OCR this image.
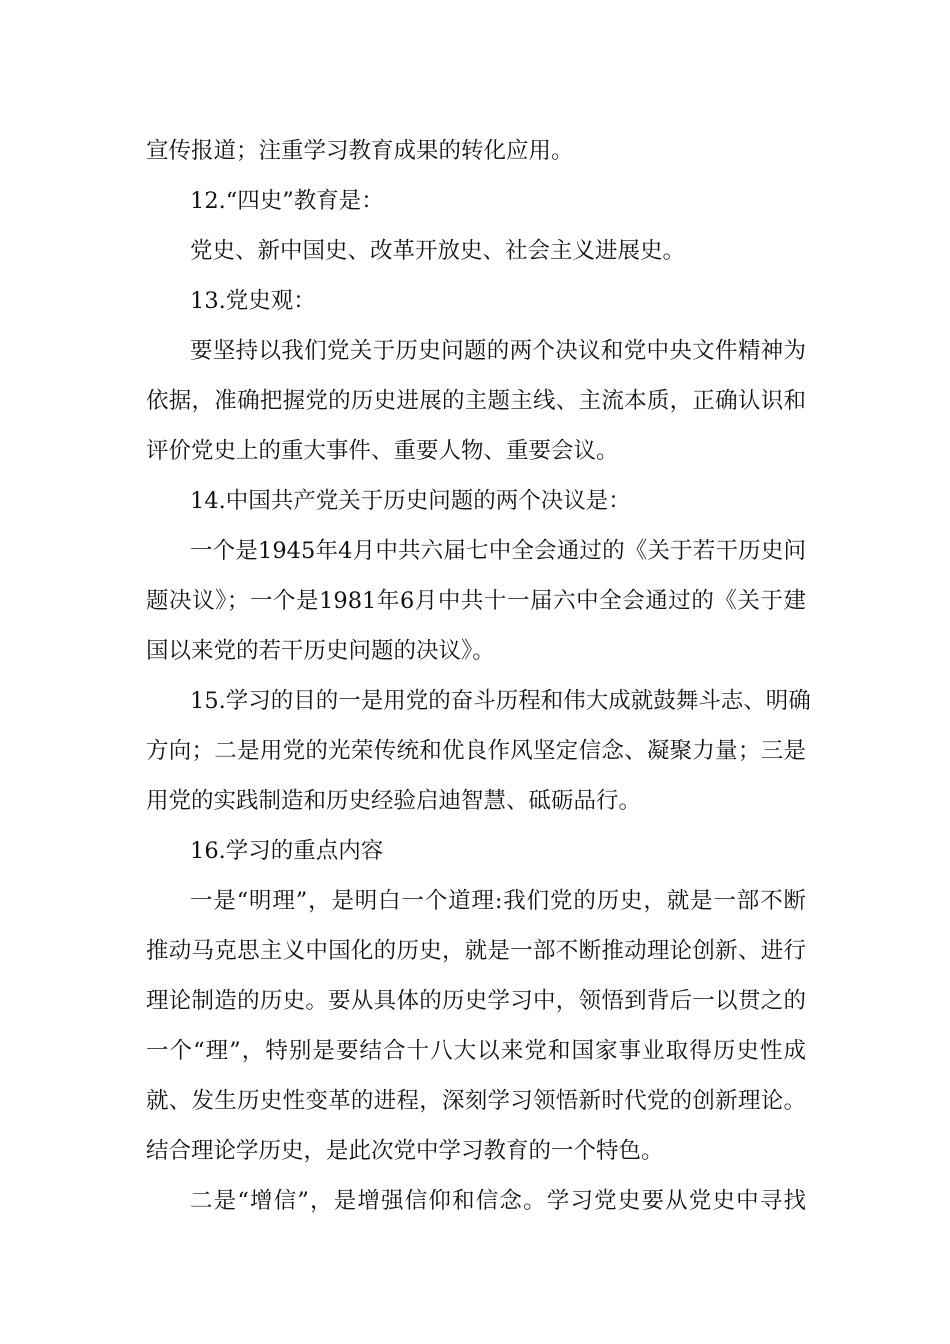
宣传报道；注重学习教育成果的转化应用。
12.“四史”教育是：
党史、新中国史、改革开放史、社会主义进展史。
13.党史观：
要坚持以我们党关于历史问题的两个决议和党中央文件精神为
依据，准确把握党的历史进展的主题主线、主流本质，正确认识和
评价党史上的重大事件、重要人物、重要会议。
14.中国共产党关于历史问题的两个决议是：
一个是1945年4月中共六届七中全会通过的《关于若干历史问
题决议》；一个是1981年6月中共十一届六中全会通过的《关于建
国以来党的若干历史问题的决议》。
15.学习的目的一是用党的奋斗历程和伟大成就鼓舞斗志、明确
方向；二是用党的光荣传统和优良作风坚定信念、凝聚力量；三是
用党的实践制造和历史经验启迪智慧、砥砺品行。
16.学习的重点内容
一是“明理”，是明白一个道理:我们党的历史，就是一部不断
推动马克思主义中国化的历史，就是一部不断推动理论创新、进行
理论制造的历史。要从具体的历史学习中，领悟到背后一以贯之的
一个“理”，特别是要结合十八大以来党和国家事业取得历史性成
就、发生历史性变革的进程，深刻学习领悟新时代党的创新理论。
结合理论学历史，是此次党中学习教育的一个特色。
二是“增信”，是增强信仰和信念。学习党史要从党史中寻找
